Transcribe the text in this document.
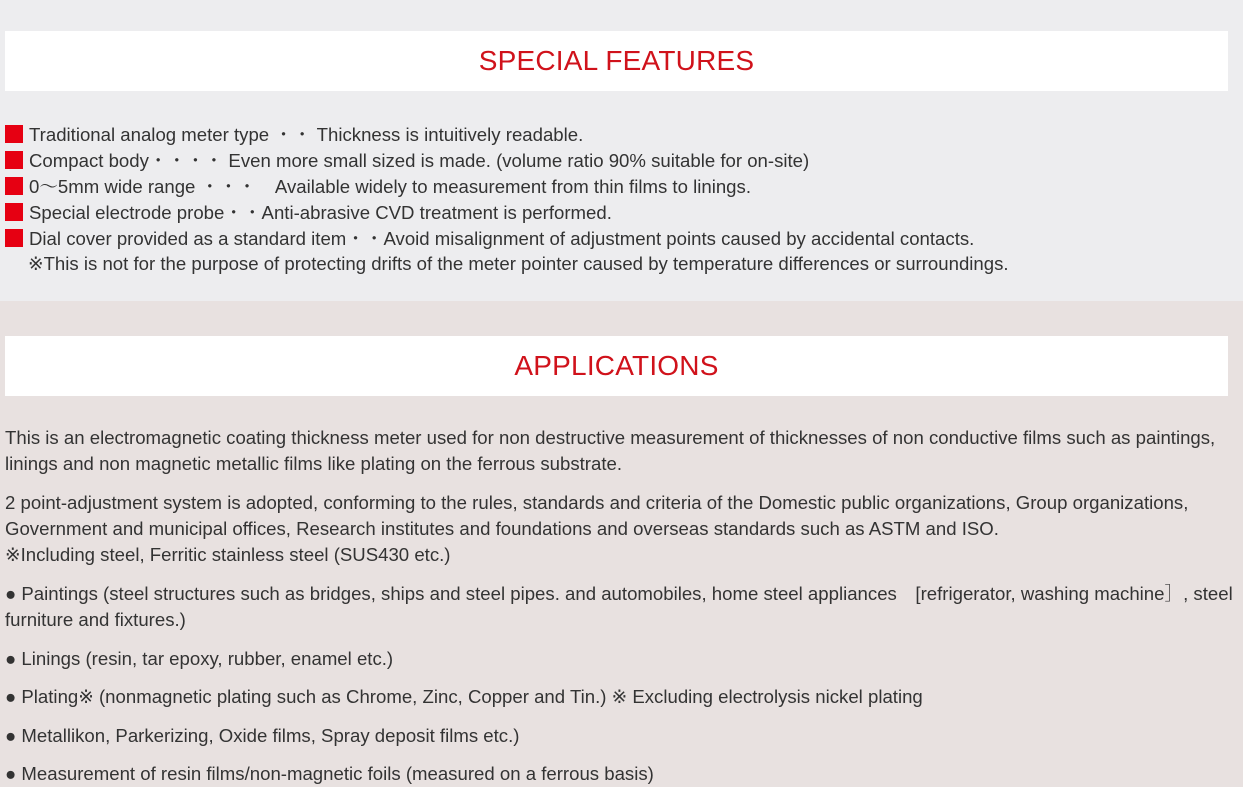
SPECIAL FEATURES
Traditional analog meter type ・・ Thickness is intuitively readable.
Compact body・・・・ Even more small sized is made. (volume ratio 90% suitable for on-site)
0～5mm wide range ・・・　Available widely to measurement from thin films to linings.
Special electrode probe・・Anti-abrasive CVD treatment is performed.
Dial cover provided as a standard item・・Avoid misalignment of adjustment points caused by accidental contacts.
※This is not for the purpose of protecting drifts of the meter pointer caused by temperature differences or surroundings.
APPLICATIONS

This is an electromagnetic coating thickness meter used for non destructive measurement of thicknesses of non conductive films such as paintings, linings and non magnetic metallic films like plating on the ferrous substrate.

2 point-adjustment system is adopted, conforming to the rules, standards and criteria of the Domestic public organizations, Group organizations, Government and municipal offices, Research institutes and foundations and overseas standards such as ASTM and ISO.
※Including steel, Ferritic stainless steel (SUS430 etc.)

● Paintings (steel structures such as bridges, ships and steel pipes. and automobiles, home steel appliances　[refrigerator, washing machine］, steel furniture and fixtures.)
● Linings (resin, tar epoxy, rubber, enamel etc.)
● Plating※ (nonmagnetic plating such as Chrome, Zinc, Copper and Tin.) ※ Excluding electrolysis nickel plating
● Metallikon, Parkerizing, Oxide films, Spray deposit films etc.)
● Measurement of resin films/non-magnetic foils (measured on a ferrous basis)
